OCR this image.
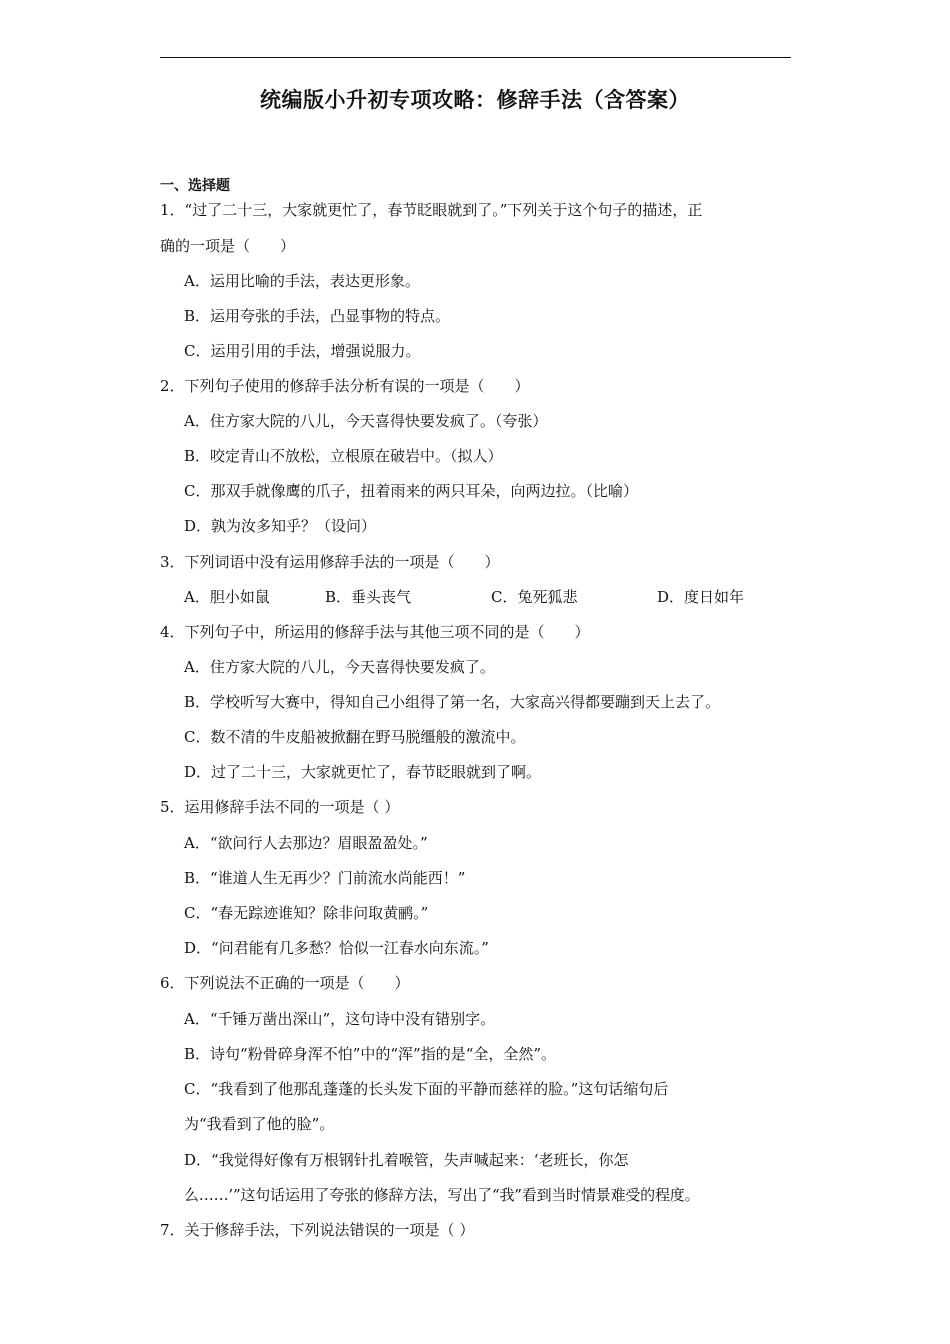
统编版小升初专项攻略：修辞手法（含答案）
一、选择题
1．“过了二十三，大家就更忙了，春节眨眼就到了。”下列关于这个句子的描述，正
确的一项是（　　）
A．运用比喻的手法，表达更形象。
B．运用夸张的手法，凸显事物的特点。
C．运用引用的手法，增强说服力。
2．下列句子使用的修辞手法分析有误的一项是（　　）
A．住方家大院的八儿，今天喜得快要发疯了。（夸张）
B．咬定青山不放松，立根原在破岩中。（拟人）
C．那双手就像鹰的爪子，扭着雨来的两只耳朵，向两边拉。（比喻）
D．孰为汝多知乎？（设问）
3．下列词语中没有运用修辞手法的一项是（　　）
A．胆小如鼠	B．垂头丧气	C．兔死狐悲	D．度日如年
4．下列句子中，所运用的修辞手法与其他三项不同的是（　　）
A．住方家大院的八儿，今天喜得快要发疯了。
B．学校听写大赛中，得知自己小组得了第一名，大家高兴得都要蹦到天上去了。
C．数不清的牛皮船被掀翻在野马脱缰般的激流中。
D．过了二十三，大家就更忙了，春节眨眼就到了啊。
5．运用修辞手法不同的一项是（ ）
A．“欲问行人去那边？眉眼盈盈处。”
B．“谁道人生无再少？门前流水尚能西！”
C．“春无踪迹谁知？除非问取黄鹂。”
D．“问君能有几多愁？恰似一江春水向东流。”
6．下列说法不正确的一项是（　　）
A．“千锤万凿出深山”，这句诗中没有错别字。
B．诗句“粉骨碎身浑不怕”中的“浑”指的是“全，全然”。
C．“我看到了他那乱蓬蓬的长头发下面的平静而慈祥的脸。”这句话缩句后
为“我看到了他的脸”。
D．“我觉得好像有万根钢针扎着喉管，失声喊起来：‘老班长，你怎
么……’”这句话运用了夸张的修辞方法，写出了“我”看到当时情景难受的程度。
7．关于修辞手法，下列说法错误的一项是（ ）
